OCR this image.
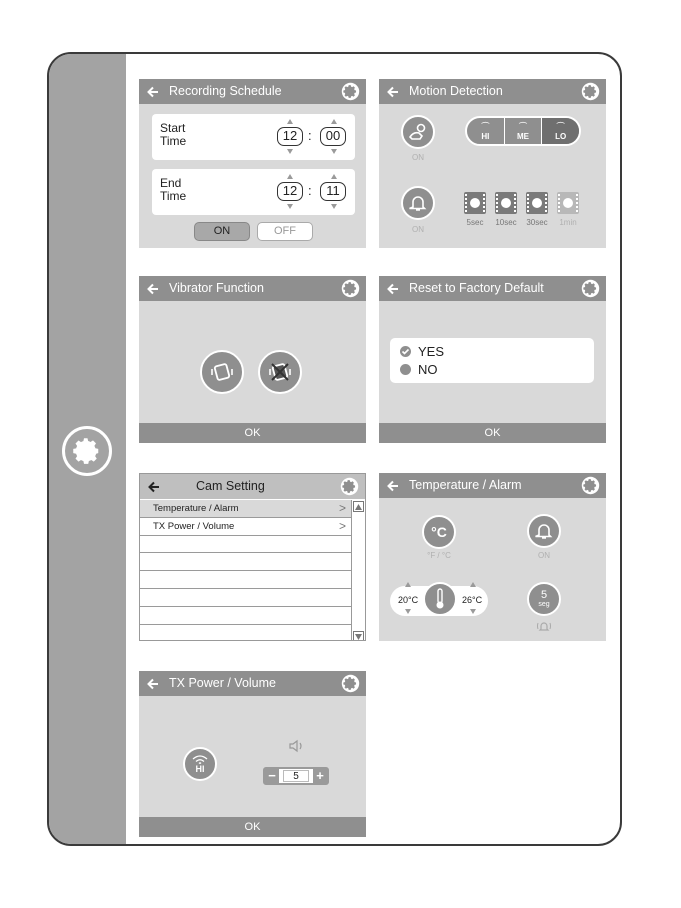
Recording Schedule
Start
Time	12 :	00
End
Time	12 :	11
ON	OFF
Motion Detection
ON
⌒
HI
⌒
ME
⌒
LO
ON
5sec	10sec	30sec	1min
Vibrator Function
OK
Reset to Factory Default
YES
NO
OK
Cam Setting
Temperature / Alarm	>
TX Power / Volume	>
Temperature / Alarm
°C
°F / °C	ON
20°C	26°C	5
seg
TX Power / Volume
HI	−	5	+
OK
